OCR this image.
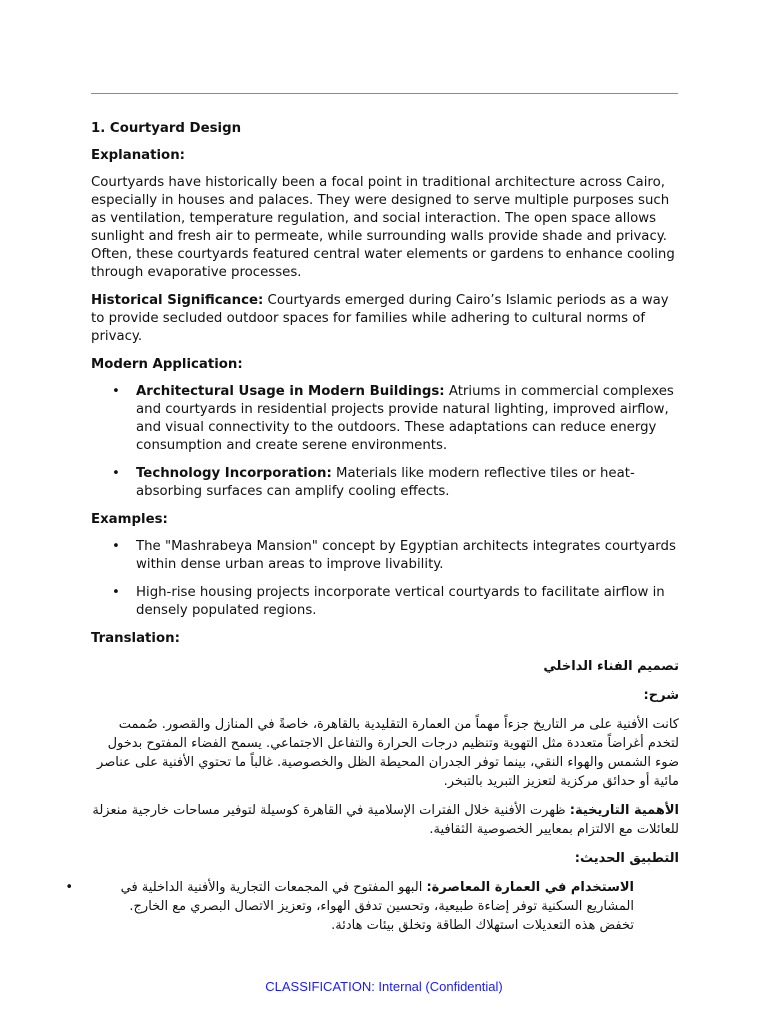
1. Courtyard Design
Explanation:
Courtyards have historically been a focal point in traditional architecture across Cairo, especially in houses and palaces. They were designed to serve multiple purposes such as ventilation, temperature regulation, and social interaction. The open space allows sunlight and fresh air to permeate, while surrounding walls provide shade and privacy. Often, these courtyards featured central water elements or gardens to enhance cooling through evaporative processes.
Historical Significance: Courtyards emerged during Cairo’s Islamic periods as a way to provide secluded outdoor spaces for families while adhering to cultural norms of privacy.
Modern Application:
• Architectural Usage in Modern Buildings: Atriums in commercial complexes and courtyards in residential projects provide natural lighting, improved airflow, and visual connectivity to the outdoors. These adaptations can reduce energy consumption and create serene environments.
• Technology Incorporation: Materials like modern reflective tiles or heat-absorbing surfaces can amplify cooling effects.
Examples:
• The "Mashrabeya Mansion" concept by Egyptian architects integrates courtyards within dense urban areas to improve livability.
• High-rise housing projects incorporate vertical courtyards to facilitate airflow in densely populated regions.
Translation:
تصميم الفناء الداخلي
شرح:
كانت الأفنية على مر التاريخ جزءاً مهماً من العمارة التقليدية بالقاهرة، خاصةً في المنازل والقصور. صُممت لتخدم أغراضاً متعددة مثل التهوية وتنظيم درجات الحرارة والتفاعل الاجتماعي. يسمح الفضاء المفتوح بدخول ضوء الشمس والهواء النقي، بينما توفر الجدران المحيطة الظل والخصوصية. غالباً ما تحتوي الأفنية على عناصر مائية أو حدائق مركزية لتعزيز التبريد بالتبخر.
الأهمية التاريخية: ظهرت الأفنية خلال الفترات الإسلامية في القاهرة كوسيلة لتوفير مساحات خارجية منعزلة للعائلات مع الالتزام بمعايير الخصوصية الثقافية.
التطبيق الحديث:
• الاستخدام في العمارة المعاصرة: البهو المفتوح في المجمعات التجارية والأفنية الداخلية في المشاريع السكنية توفر إضاءة طبيعية، وتحسين تدفق الهواء، وتعزيز الاتصال البصري مع الخارج. تخفض هذه التعديلات استهلاك الطاقة وتخلق بيئات هادئة.
CLASSIFICATION: Internal (Confidential)
